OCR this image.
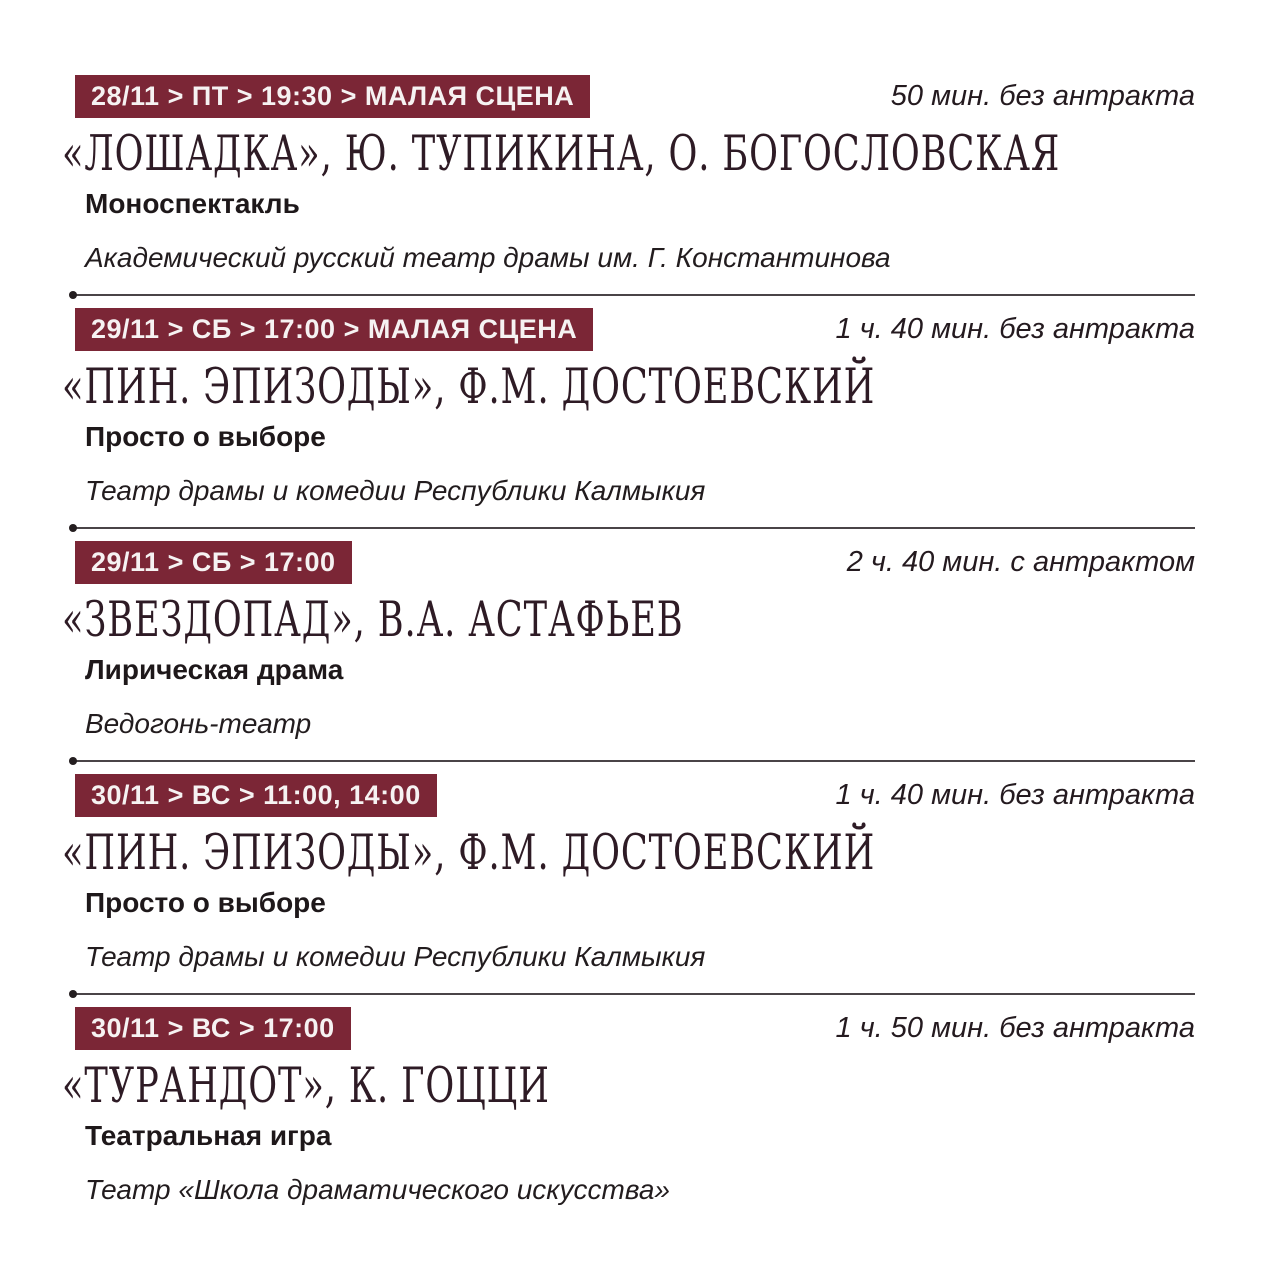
28/11 > ПТ > 19:30 > МАЛАЯ СЦЕНА	50 мин. без антракта
«ЛОШАДКА», Ю. ТУПИКИНА, О. БОГОСЛОВСКАЯ
Моноспектакль
Академический русский театр драмы им. Г. Константинова
29/11 > СБ > 17:00 > МАЛАЯ СЦЕНА	1 ч. 40 мин. без антракта
«ПИН. ЭПИЗОДЫ», Ф.М. ДОСТОЕВСКИЙ
Просто о выборе
Театр драмы и комедии Республики Калмыкия
29/11 > СБ > 17:00	2 ч. 40 мин. с антрактом
«ЗВЕЗДОПАД», В.А. АСТАФЬЕВ
Лирическая драма
Ведогонь-театр
30/11 > ВС > 11:00, 14:00	1 ч. 40 мин. без антракта
«ПИН. ЭПИЗОДЫ», Ф.М. ДОСТОЕВСКИЙ
Просто о выборе
Театр драмы и комедии Республики Калмыкия
30/11 > ВС > 17:00	1 ч. 50 мин. без антракта
«ТУРАНДОТ», К. ГОЦЦИ
Театральная игра
Театр «Школа драматического искусства»
